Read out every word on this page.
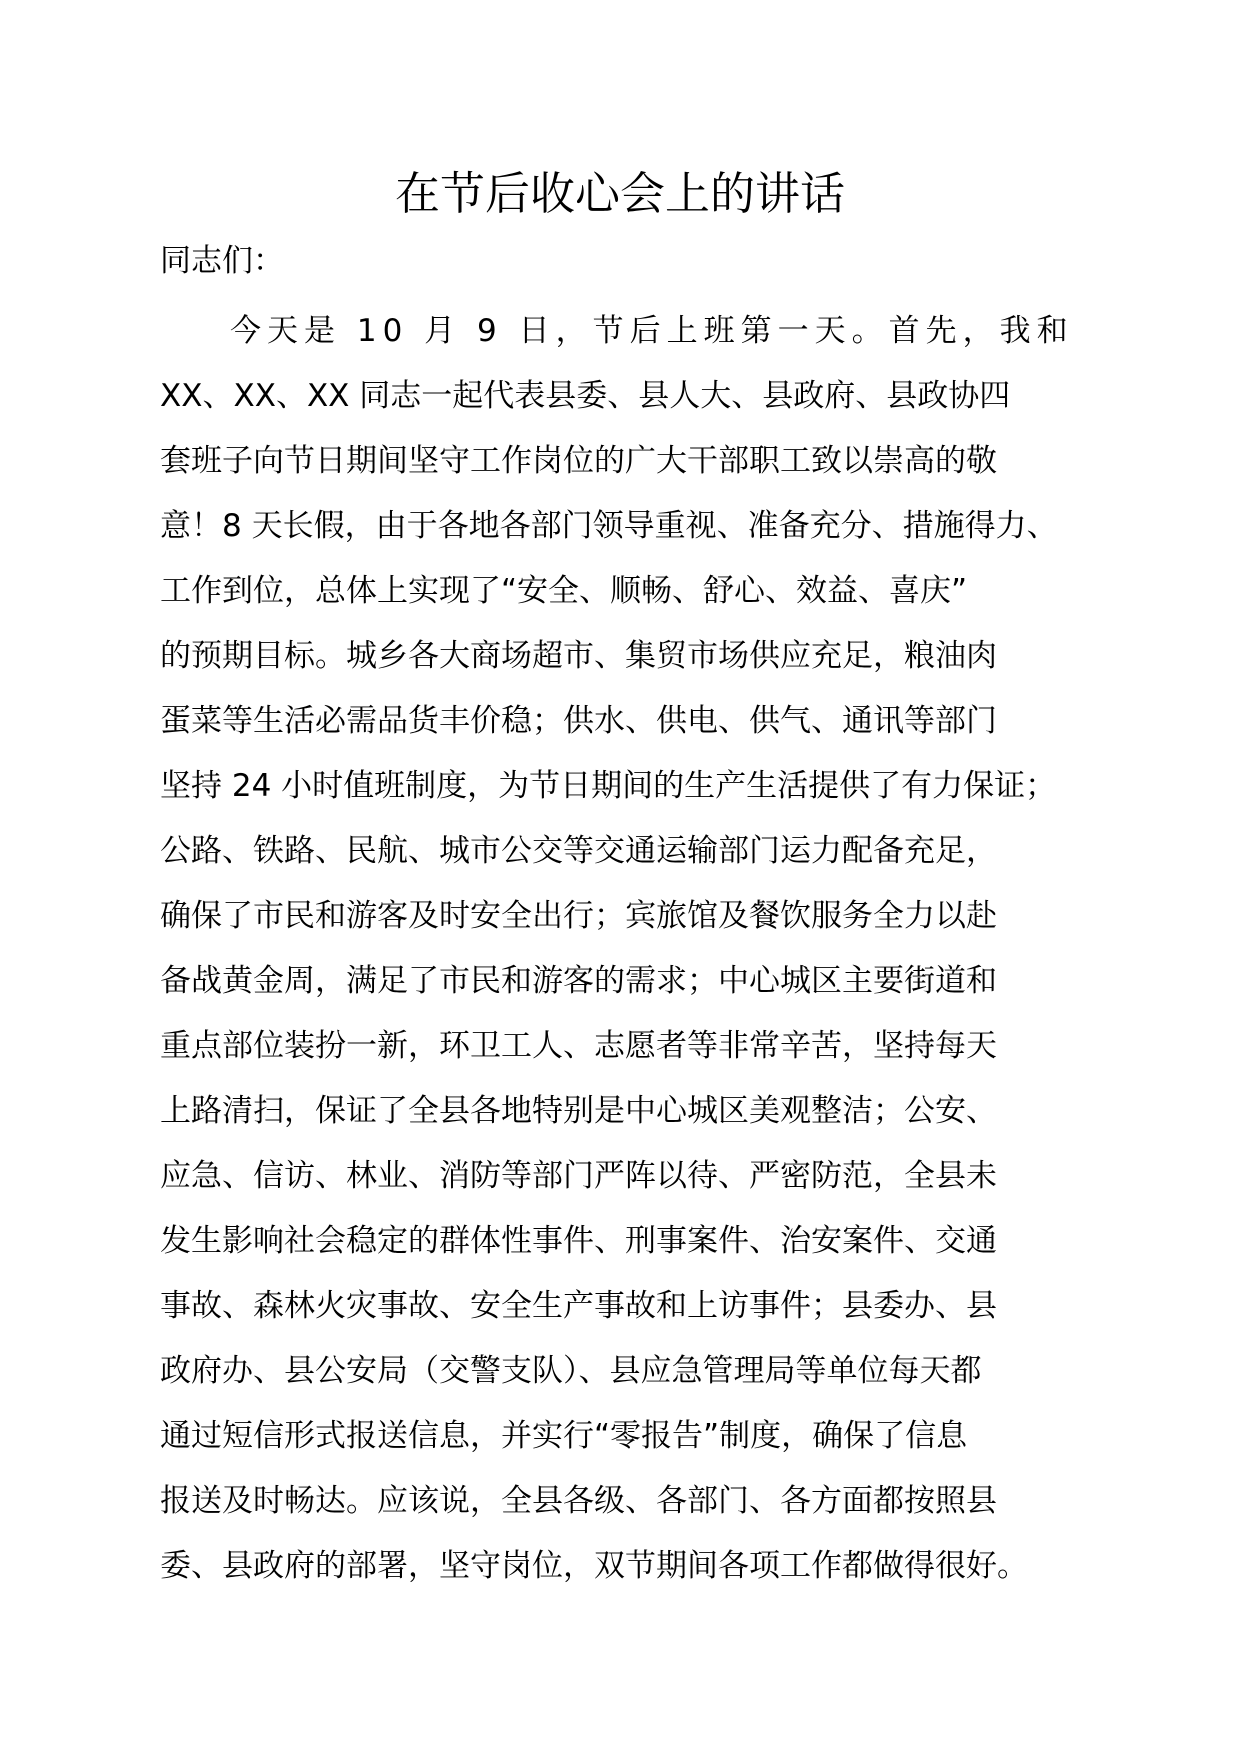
在节后收心会上的讲话
同志们：
今天是 10 月 9 日，节后上班第一天。首先，我和
XX、XX、XX 同志一起代表县委、县人大、县政府、县政协四
套班子向节日期间坚守工作岗位的广大干部职工致以崇高的敬
意！8 天长假，由于各地各部门领导重视、准备充分、措施得力、
工作到位，总体上实现了“安全、顺畅、舒心、效益、喜庆”
的预期目标。城乡各大商场超市、集贸市场供应充足，粮油肉
蛋菜等生活必需品货丰价稳；供水、供电、供气、通讯等部门
坚持 24 小时值班制度，为节日期间的生产生活提供了有力保证；
公路、铁路、民航、城市公交等交通运输部门运力配备充足，
确保了市民和游客及时安全出行；宾旅馆及餐饮服务全力以赴
备战黄金周，满足了市民和游客的需求；中心城区主要街道和
重点部位装扮一新，环卫工人、志愿者等非常辛苦，坚持每天
上路清扫，保证了全县各地特别是中心城区美观整洁；公安、
应急、信访、林业、消防等部门严阵以待、严密防范，全县未
发生影响社会稳定的群体性事件、刑事案件、治安案件、交通
事故、森林火灾事故、安全生产事故和上访事件；县委办、县
政府办、县公安局（交警支队）、县应急管理局等单位每天都
通过短信形式报送信息，并实行“零报告”制度，确保了信息
报送及时畅达。应该说，全县各级、各部门、各方面都按照县
委、县政府的部署，坚守岗位，双节期间各项工作都做得很好。
